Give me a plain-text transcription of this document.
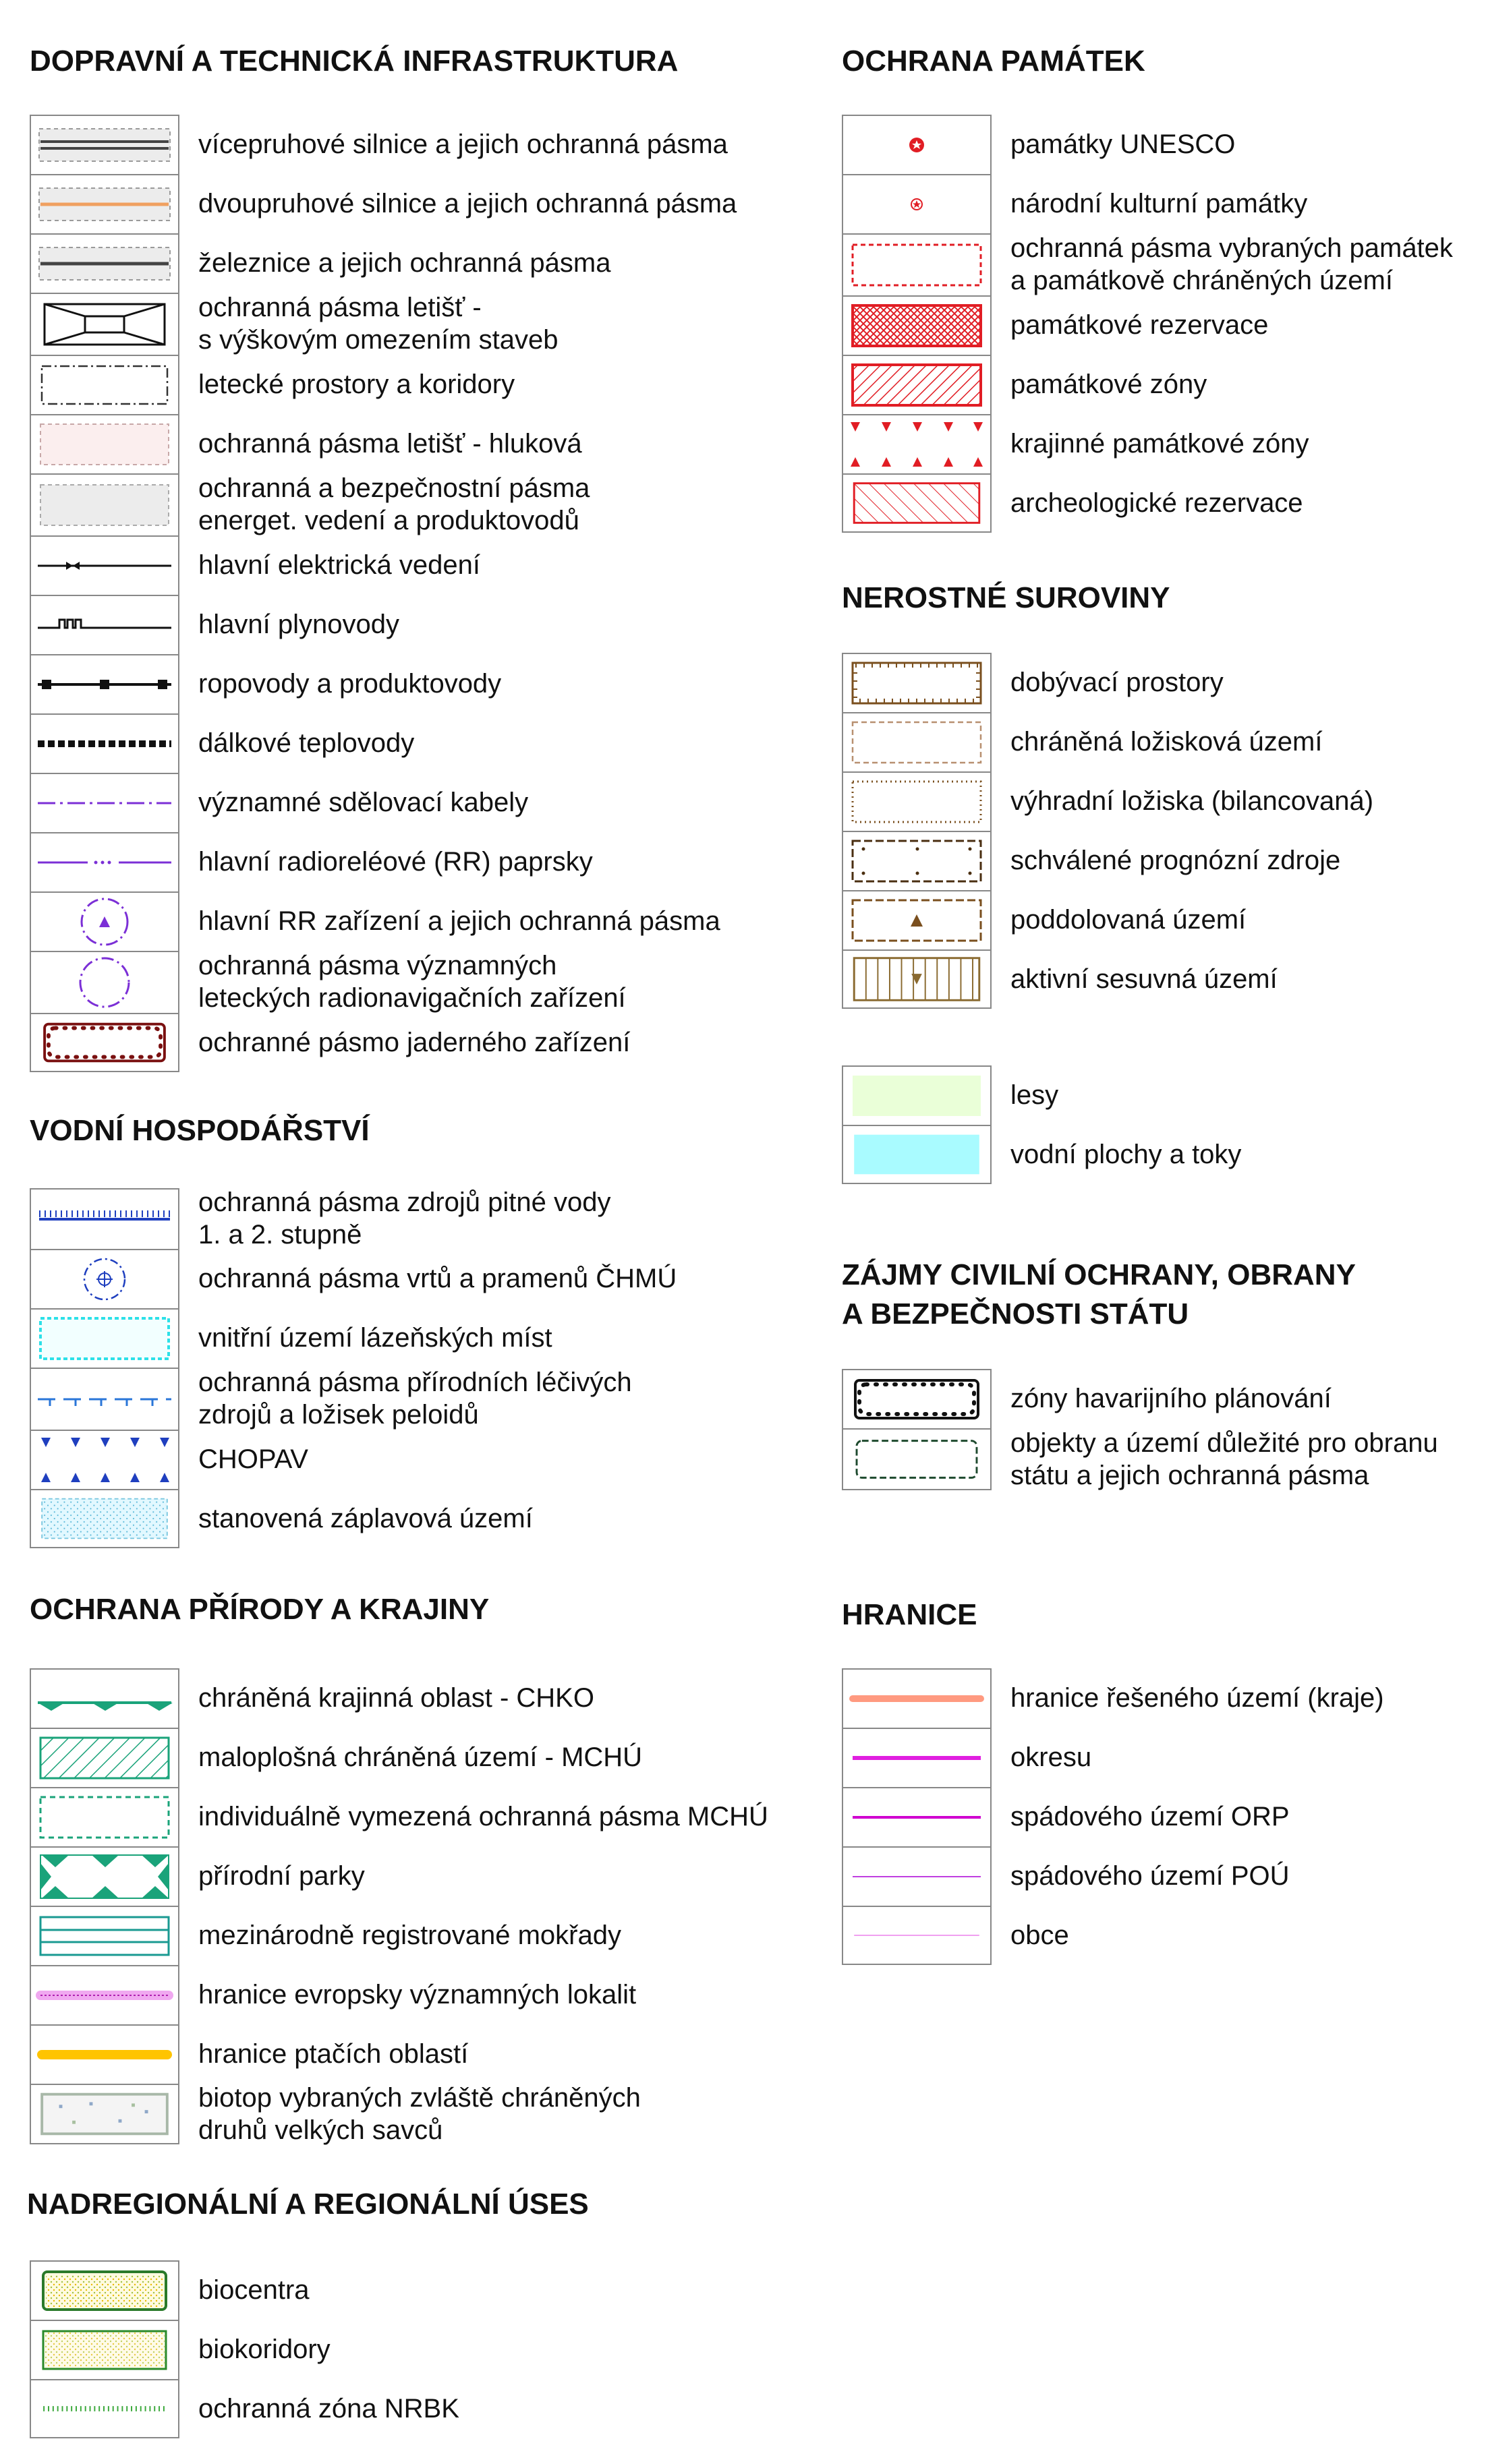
DOPRAVNÍ A TECHNICKÁ INFRASTRUKTURA
vícepruhové silnice a jejich ochranná pásma
dvoupruhové silnice a jejich ochranná pásma
železnice a jejich ochranná pásma
ochranná pásma letišť -
s výškovým omezením staveb
letecké prostory a koridory
ochranná pásma letišť - hluková
ochranná a bezpečnostní pásma
energet. vedení a produktovodů
hlavní elektrická vedení
hlavní plynovody
ropovody a produktovody
dálkové teplovody
významné sdělovací kabely
hlavní radioreléové (RR) paprsky
hlavní RR zařízení a jejich ochranná pásma
ochranná pásma významných
leteckých radionavigačních zařízení
ochranné pásmo jaderného zařízení
VODNÍ HOSPODÁŘSTVÍ
ochranná pásma zdrojů pitné vody
1. a 2. stupně
ochranná pásma vrtů a pramenů ČHMÚ
vnitřní území lázeňských míst
ochranná pásma přírodních léčivých
zdrojů a ložisek peloidů
CHOPAV
stanovená záplavová území
OCHRANA PŘÍRODY A KRAJINY
chráněná krajinná oblast - CHKO
maloplošná chráněná území - MCHÚ
individuálně vymezená ochranná pásma MCHÚ
přírodní parky
mezinárodně registrované mokřady
hranice evropsky významných lokalit
hranice ptačích oblastí
biotop vybraných zvláště chráněných
druhů velkých savců
NADREGIONÁLNÍ A REGIONÁLNÍ ÚSES
biocentra
biokoridory
ochranná zóna NRBK
OCHRANA PAMÁTEK
památky UNESCO
národní kulturní památky
ochranná pásma vybraných památek
a památkově chráněných území
památkové rezervace
památkové zóny
krajinné památkové zóny
archeologické rezervace
NEROSTNÉ SUROVINY
dobývací prostory
chráněná ložisková území
výhradní ložiska (bilancovaná)
schválené prognózní zdroje
poddolovaná území
aktivní sesuvná území
lesy
vodní plochy a toky
ZÁJMY CIVILNÍ OCHRANY, OBRANY
A BEZPEČNOSTI STÁTU
zóny havarijního plánování
objekty a území důležité pro obranu
státu a jejich ochranná pásma
HRANICE
hranice řešeného území (kraje)
okresu
spádového území ORP
spádového území POÚ
obce
